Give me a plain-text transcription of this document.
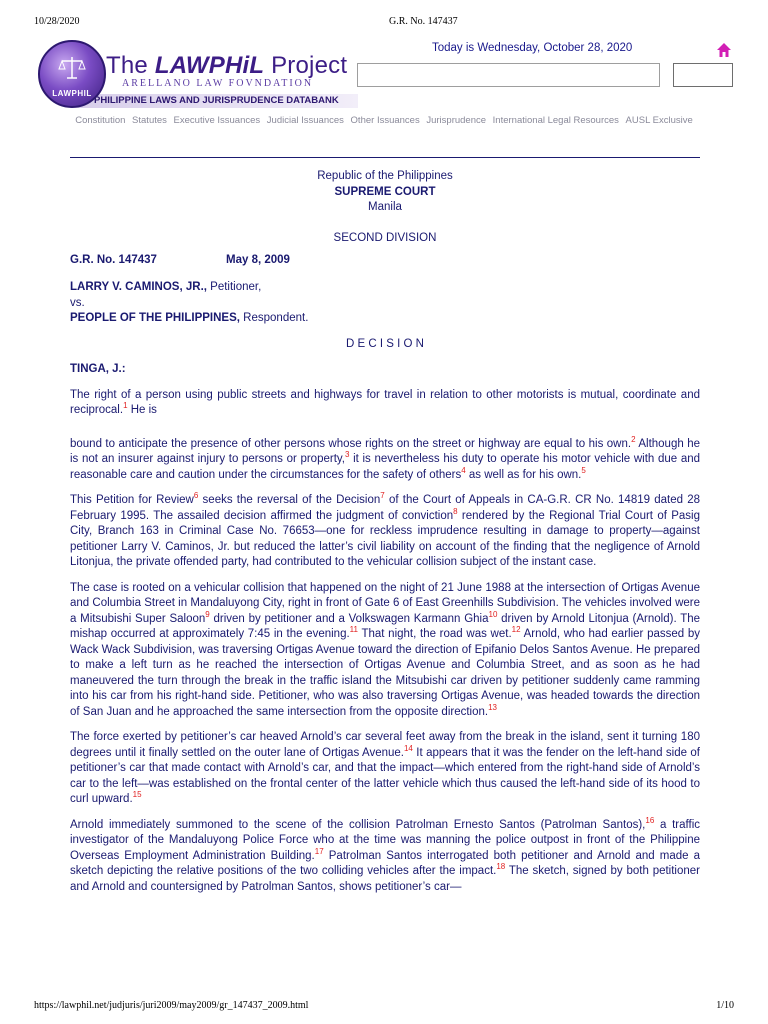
10/28/2020	G.R. No. 147437
PHILIPPINE LAWS AND JURISPRUDENCE DATABANK
LAWPHIL
The LAWPHiL Project
ARELLANO LAW FOVNDATION
Today is Wednesday, October 28, 2020
Constitution Statutes Executive Issuances Judicial Issuances Other Issuances Jurisprudence International Legal Resources AUSL Exclusive
Republic of the Philippines
SUPREME COURT
Manila
SECOND DIVISION
G.R. No. 147437	May 8, 2009
LARRY V. CAMINOS, JR., Petitioner,
vs.
PEOPLE OF THE PHILIPPINES, Respondent.
D E C I S I O N
TINGA, J.:

The right of a person using public streets and highways for travel in relation to other motorists is mutual, coordinate and reciprocal.$^1$ He is

bound to anticipate the presence of other persons whose rights on the street or highway are equal to his own.$^2$ Although he is not an insurer against injury to persons or property,$^3$ it is nevertheless his duty to operate his motor vehicle with due and reasonable care and caution under the circumstances for the safety of others$^4$ as well as for his own.$^5$

This Petition for Review$^6$ seeks the reversal of the Decision$^7$ of the Court of Appeals in CA-G.R. CR No. 14819 dated 28 February 1995. The assailed decision affirmed the judgment of conviction$^8$ rendered by the Regional Trial Court of Pasig City, Branch 163 in Criminal Case No. 76653—one for reckless imprudence resulting in damage to property—against petitioner Larry V. Caminos, Jr. but reduced the latter’s civil liability on account of the finding that the negligence of Arnold Litonjua, the private offended party, had contributed to the vehicular collision subject of the instant case.

The case is rooted on a vehicular collision that happened on the night of 21 June 1988 at the intersection of Ortigas Avenue and Columbia Street in Mandaluyong City, right in front of Gate 6 of East Greenhills Subdivision. The vehicles involved were a Mitsubishi Super Saloon$^9$ driven by petitioner and a Volkswagen Karmann Ghia$^{10}$ driven by Arnold Litonjua (Arnold). The mishap occurred at approximately 7:45 in the evening.$^{11}$ That night, the road was wet.$^{12}$ Arnold, who had earlier passed by Wack Wack Subdivision, was traversing Ortigas Avenue toward the direction of Epifanio Delos Santos Avenue. He prepared to make a left turn as he reached the intersection of Ortigas Avenue and Columbia Street, and as soon as he had maneuvered the turn through the break in the traffic island the Mitsubishi car driven by petitioner suddenly came ramming into his car from his right-hand side. Petitioner, who was also traversing Ortigas Avenue, was headed towards the direction of San Juan and he approached the same intersection from the opposite direction.$^{13}$

The force exerted by petitioner’s car heaved Arnold’s car several feet away from the break in the island, sent it turning 180 degrees until it finally settled on the outer lane of Ortigas Avenue.$^{14}$ It appears that it was the fender on the left-hand side of petitioner’s car that made contact with Arnold’s car, and that the impact—which entered from the right-hand side of Arnold’s car to the left—was established on the frontal center of the latter vehicle which thus caused the left-hand side of its hood to curl upward.$^{15}$

Arnold immediately summoned to the scene of the collision Patrolman Ernesto Santos (Patrolman Santos),$^{16}$ a traffic investigator of the Mandaluyong Police Force who at the time was manning the police outpost in front of the Philippine Overseas Employment Administration Building.$^{17}$ Patrolman Santos interrogated both petitioner and Arnold and made a sketch depicting the relative positions of the two colliding vehicles after the impact.$^{18}$ The sketch, signed by both petitioner and Arnold and countersigned by Patrolman Santos, shows petitioner’s car—

https://lawphil.net/judjuris/juri2009/may2009/gr_147437_2009.html	1/10
